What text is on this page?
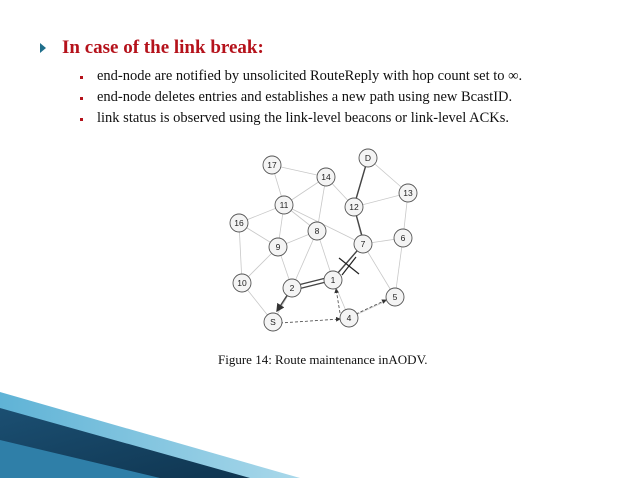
In case of the link break:
end-node are notified by unsolicited RouteReply with hop count set to ∞.
end-node deletes entries and establishes a new path using new BcastID.
link status is observed using the link-level beacons or link-level ACKs.
D
17
14
13
12
11
16
8
6
9	7
10	1
2
5
S	4
Figure 14: Route maintenance inAODV.
